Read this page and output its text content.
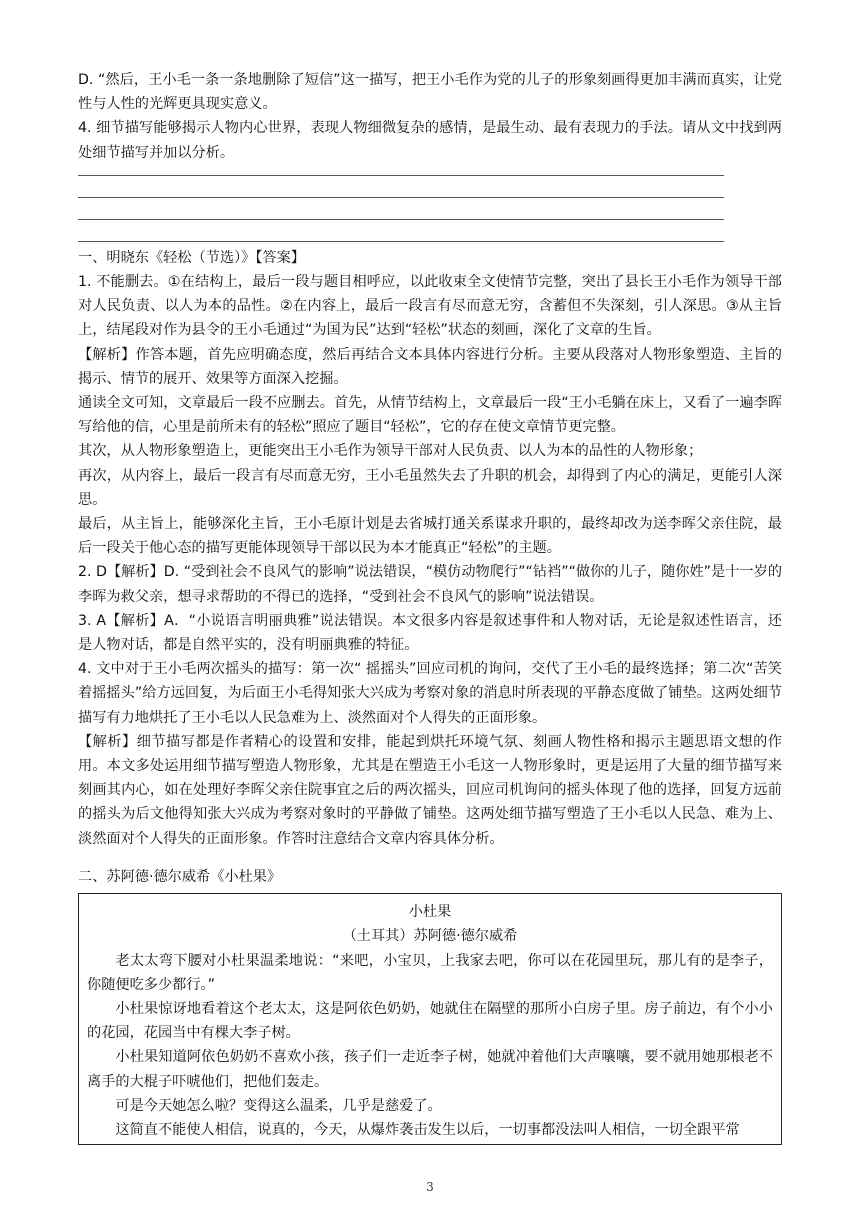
D. “然后，王小毛一条一条地删除了短信”这一描写，把王小毛作为党的儿子的形象刻画得更加丰满而真实，让党性与人性的光辉更具现实意义。

4. 细节描写能够揭示人物内心世界，表现人物细微复杂的感情，是最生动、最有表现力的手法。请从文中找到两处细节描写并加以分析。

一、明晓东《轻松（节选）》【答案】

1. 不能删去。①在结构上，最后一段与题目相呼应，以此收束全文使情节完整，突出了县长王小毛作为领导干部对人民负责、以人为本的品性。②在内容上，最后一段言有尽而意无穷，含蓄但不失深刻，引人深思。③从主旨上，结尾段对作为县令的王小毛通过“为国为民”达到“轻松”状态的刻画，深化了文章的生旨。

【解析】作答本题，首先应明确态度，然后再结合文本具体内容进行分析。主要从段落对人物形象塑造、主旨的揭示、情节的展开、效果等方面深入挖掘。

通读全文可知，文章最后一段不应删去。首先，从情节结构上，文章最后一段“王小毛躺在床上，又看了一遍李晖写给他的信，心里是前所未有的轻松”照应了题目“轻松”，它的存在使文章情节更完整。

其次，从人物形象塑造上，更能突出王小毛作为领导干部对人民负责、以人为本的品性的人物形象；

再次，从内容上，最后一段言有尽而意无穷，王小毛虽然失去了升职的机会，却得到了内心的满足，更能引人深思。

最后，从主旨上，能够深化主旨，王小毛原计划是去省城打通关系谋求升职的，最终却改为送李晖父亲住院，最后一段关于他心态的描写更能体现领导干部以民为本才能真正“轻松”的主题。

2. D【解析】D. “受到社会不良风气的影响”说法错误，“模仿动物爬行”“钻裆”“做你的儿子，随你姓”是十一岁的李晖为救父亲，想寻求帮助的不得已的选择，“受到社会不良风气的影响”说法错误。

3. A【解析】A．“小说语言明丽典雅”说法错误。本文很多内容是叙述事件和人物对话，无论是叙述性语言，还是人物对话，都是自然平实的，没有明丽典雅的特征。

4. 文中对于王小毛两次摇头的描写：第一次“ 摇摇头”回应司机的询问，交代了王小毛的最终选择；第二次“苦笑着摇摇头”给方远回复，为后面王小毛得知张大兴成为考察对象的消息时所表现的平静态度做了铺垫。这两处细节描写有力地烘托了王小毛以人民急难为上、淡然面对个人得失的正面形象。

【解析】细节描写都是作者精心的设置和安排，能起到烘托环境气氛、刻画人物性格和揭示主题思语文想的作用。本文多处运用细节描写塑造人物形象，尤其是在塑造王小毛这一人物形象时，更是运用了大量的细节描写来刻画其内心，如在处理好李晖父亲住院事宜之后的两次摇头，回应司机询问的摇头体现了他的选择，回复方远前的摇头为后文他得知张大兴成为考察对象时的平静做了铺垫。这两处细节描写塑造了王小毛以人民急、难为上、淡然面对个人得失的正面形象。作答时注意结合文章内容具体分析。

二、苏阿德·德尔威希《小杜果》

小杜果

（土耳其）苏阿德·德尔威希

老太太弯下腰对小杜果温柔地说：“来吧，小宝贝，上我家去吧，你可以在花园里玩，那儿有的是李子，你随便吃多少都行。”

小杜果惊讶地看着这个老太太，这是阿依色奶奶，她就住在隔壁的那所小白房子里。房子前边，有个小小的花园，花园当中有棵大李子树。

小杜果知道阿依色奶奶不喜欢小孩，孩子们一走近李子树，她就冲着他们大声嚷嚷，要不就用她那根老不离手的大棍子吓唬他们，把他们轰走。

可是今天她怎么啦？变得这么温柔，几乎是慈爱了。

这简直不能使人相信，说真的，今天，从爆炸袭击发生以后，一切事都没法叫人相信，一切全跟平常

3
